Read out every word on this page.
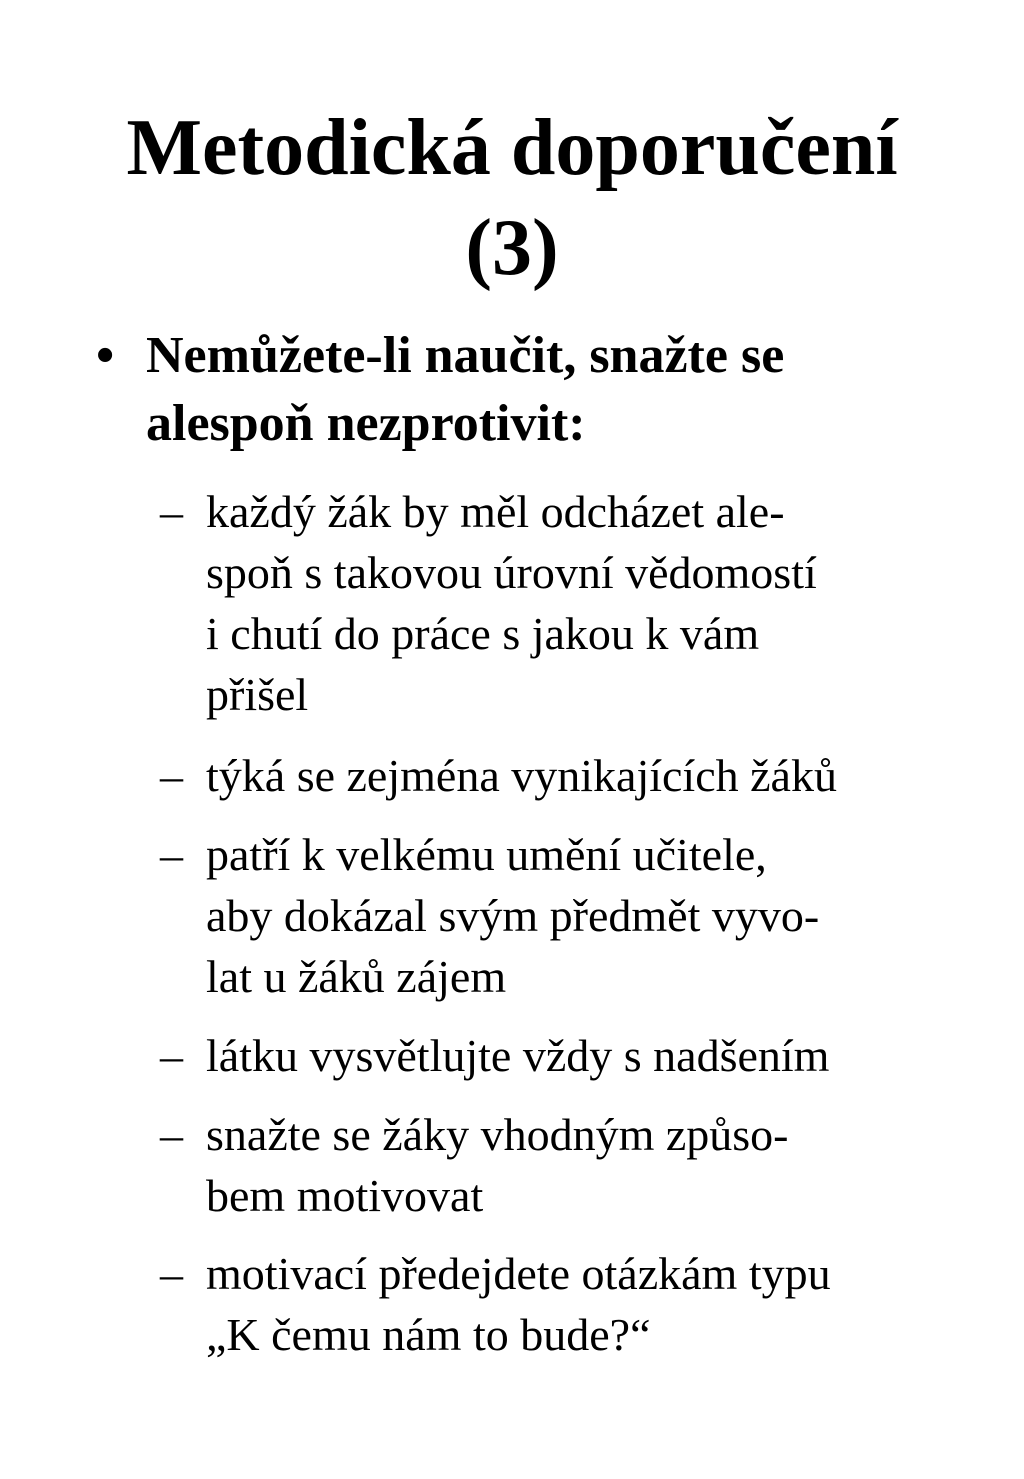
Metodická doporučení
(3)
• Nemůžete-li naučit, snažte se
alespoň nezprotivit:
– každý žák by měl odcházet ale-
spoň s takovou úrovní vědomostí
i chutí do práce s jakou k vám
přišel
– týká se zejména vynikajících žáků
– patří k velkému umění učitele,
aby dokázal svým předmět vyvo-
lat u žáků zájem
– látku vysvětlujte vždy s nadšením
– snažte se žáky vhodným způso-
bem motivovat
– motivací předejdete otázkám typu
„K čemu nám to bude?“
